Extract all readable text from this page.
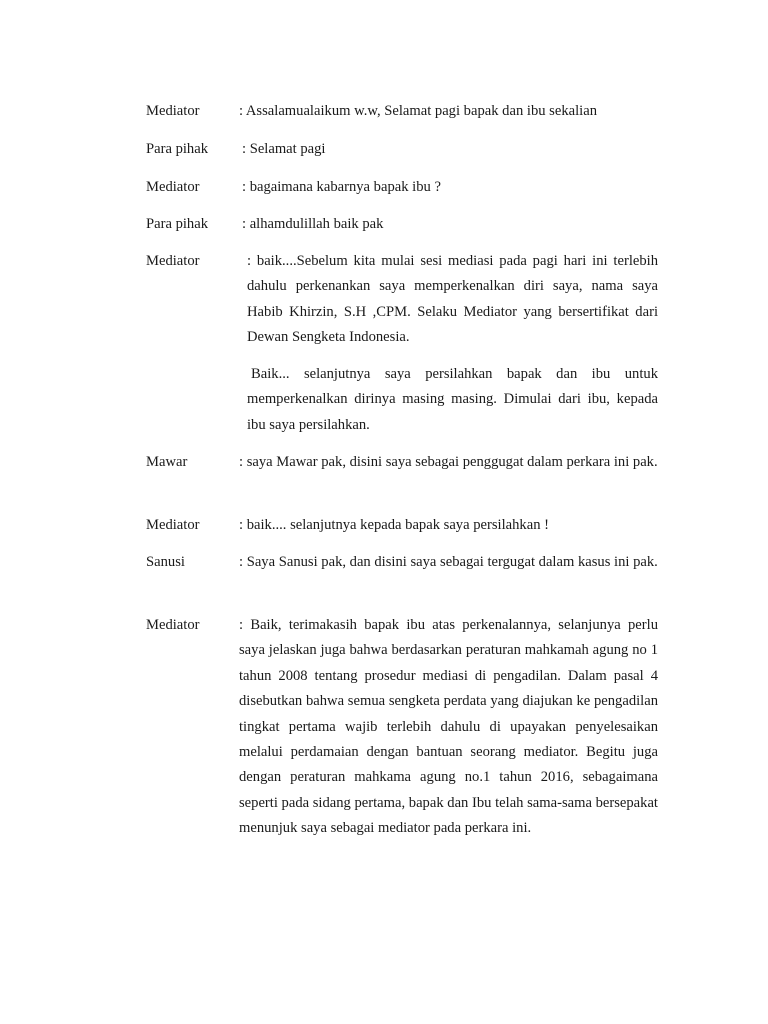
Mediator	: Assalamualaikum w.w, Selamat pagi bapak dan ibu sekalian
Para pihak : Selamat pagi
Mediator	: bagaimana kabarnya bapak ibu ?
Para pihak : alhamdulillah baik pak
Mediator	: baik....Sebelum kita mulai sesi mediasi pada pagi hari ini terlebih dahulu perkenankan saya memperkenalkan diri saya, nama saya Habib Khirzin, S.H ,CPM. Selaku Mediator yang bersertifikat dari Dewan Sengketa Indonesia.
Baik... selanjutnya saya persilahkan bapak dan ibu untuk memperkenalkan dirinya masing masing. Dimulai dari ibu, kepada ibu saya persilahkan.
Mawar	: saya Mawar pak, disini saya sebagai penggugat dalam perkara ini pak.
Mediator	: baik.... selanjutnya kepada bapak saya persilahkan !
Sanusi	: Saya Sanusi pak, dan disini saya sebagai tergugat dalam kasus ini pak.
Mediator	: Baik, terimakasih bapak ibu atas perkenalannya, selanjunya perlu saya jelaskan juga bahwa berdasarkan peraturan mahkamah agung no 1 tahun 2008 tentang prosedur mediasi di pengadilan. Dalam pasal 4 disebutkan bahwa semua sengketa perdata yang diajukan ke pengadilan tingkat pertama wajib terlebih dahulu di upayakan penyelesaikan melalui perdamaian dengan bantuan seorang mediator. Begitu juga dengan peraturan mahkama agung no.1 tahun 2016, sebagaimana seperti pada sidang pertama, bapak dan Ibu telah sama-sama bersepakat menunjuk saya sebagai mediator pada perkara ini.
